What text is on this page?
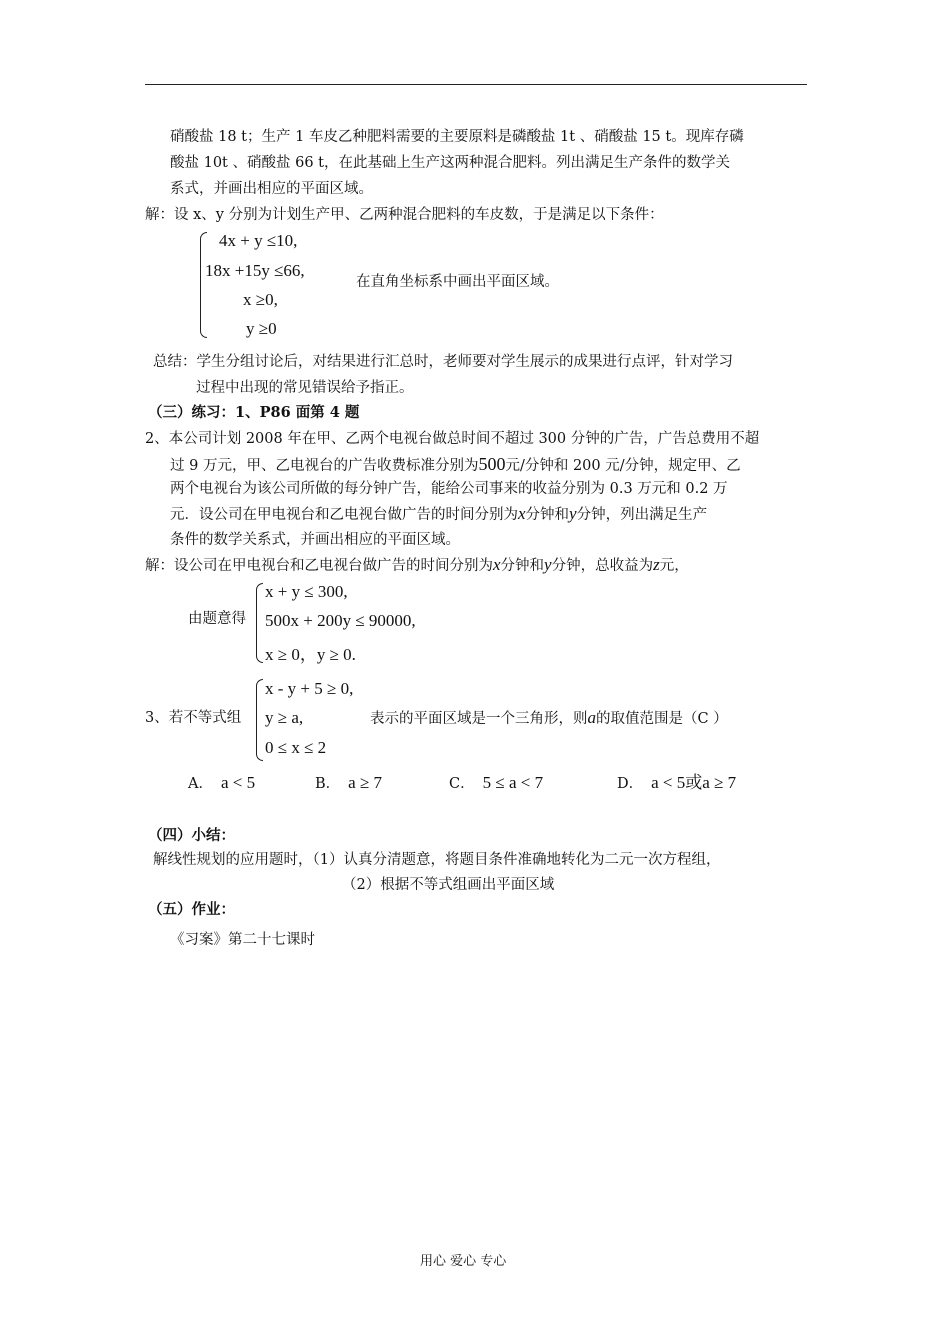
硝酸盐 18 t；生产 1 车皮乙种肥料需要的主要原料是磷酸盐 1t 、硝酸盐 15 t。现库存磷
酸盐 10t 、硝酸盐 66 t，在此基础上生产这两种混合肥料。列出满足生产条件的数学关
系式，并画出相应的平面区域。
解：设 x、y 分别为计划生产甲、乙两种混合肥料的车皮数，于是满足以下条件：
4x + y ≤10,
18x +15y ≤66,
x ≥0,
y ≥0
在直角坐标系中画出平面区域。
总结：学生分组讨论后，对结果进行汇总时，老师要对学生展示的成果进行点评，针对学习
过程中出现的常见错误给予指正。
（三）练习：1、P86 面第 4 题
2、本公司计划 2008 年在甲、乙两个电视台做总时间不超过 300 分钟的广告，广告总费用不超
过 9 万元，甲、乙电视台的广告收费标准分别为500元/分钟和 200 元/分钟，规定甲、乙
两个电视台为该公司所做的每分钟广告，能给公司事来的收益分别为 0.3 万元和 0.2 万
元．设公司在甲电视台和乙电视台做广告的时间分别为x分钟和y分钟，列出满足生产
条件的数学关系式，并画出相应的平面区域。
解：设公司在甲电视台和乙电视台做广告的时间分别为x分钟和y分钟，总收益为z元，
由题意得
x + y ≤ 300,
500x + 200y ≤ 90000,
x ≥ 0，y ≥ 0.
3、若不等式组
x - y + 5 ≥ 0,
y ≥ a,
0 ≤ x ≤ 2
表示的平面区域是一个三角形，则a的取值范围是（C ）
A． a < 5	B． a ≥ 7	C． 5 ≤ a < 7	D． a < 5或a ≥ 7
（四）小结：
解线性规划的应用题时，（1）认真分清题意，将题目条件准确地转化为二元一次方程组，
（2）根据不等式组画出平面区域
（五）作业：
《习案》第二十七课时
用心 爱心 专心
